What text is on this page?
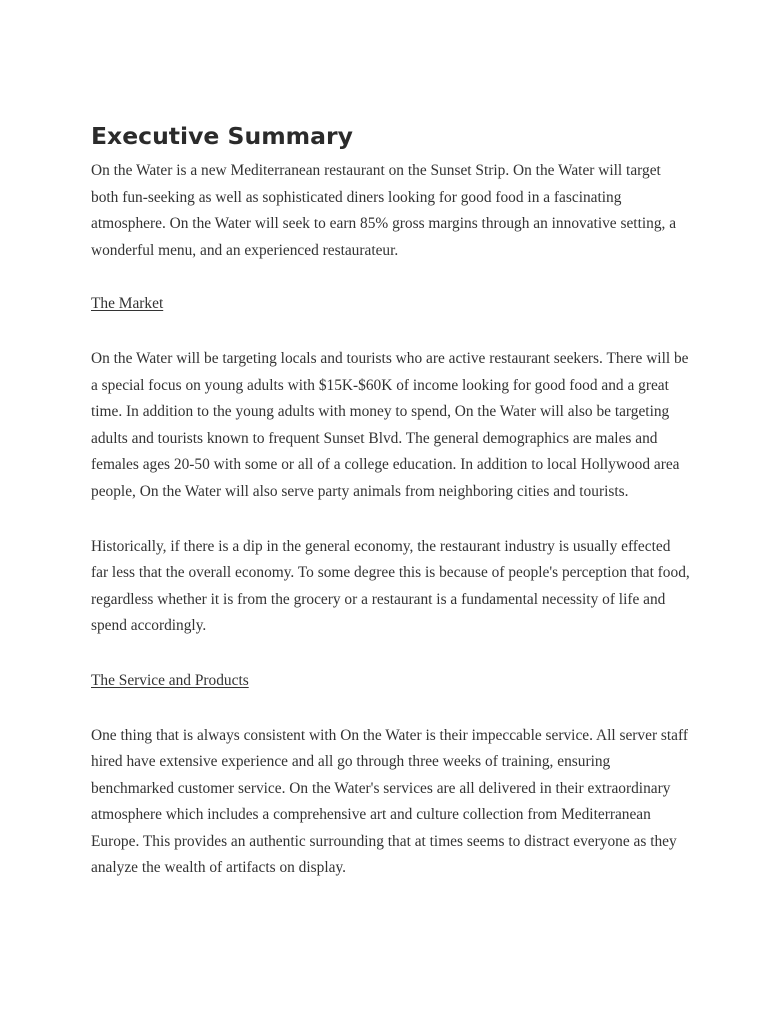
Executive Summary

On the Water is a new Mediterranean restaurant on the Sunset Strip. On the Water will target both fun-seeking as well as sophisticated diners looking for good food in a fascinating atmosphere. On the Water will seek to earn 85% gross margins through an innovative setting, a wonderful menu, and an experienced restaurateur.

The Market

On the Water will be targeting locals and tourists who are active restaurant seekers. There will be a special focus on young adults with $15K-$60K of income looking for good food and a great time. In addition to the young adults with money to spend, On the Water will also be targeting adults and tourists known to frequent Sunset Blvd. The general demographics are males and females ages 20-50 with some or all of a college education. In addition to local Hollywood area people, On the Water will also serve party animals from neighboring cities and tourists.

Historically, if there is a dip in the general economy, the restaurant industry is usually effected far less that the overall economy. To some degree this is because of people's perception that food, regardless whether it is from the grocery or a restaurant is a fundamental necessity of life and spend accordingly.

The Service and Products

One thing that is always consistent with On the Water is their impeccable service. All server staff hired have extensive experience and all go through three weeks of training, ensuring benchmarked customer service. On the Water's services are all delivered in their extraordinary atmosphere which includes a comprehensive art and culture collection from Mediterranean Europe. This provides an authentic surrounding that at times seems to distract everyone as they analyze the wealth of artifacts on display.
